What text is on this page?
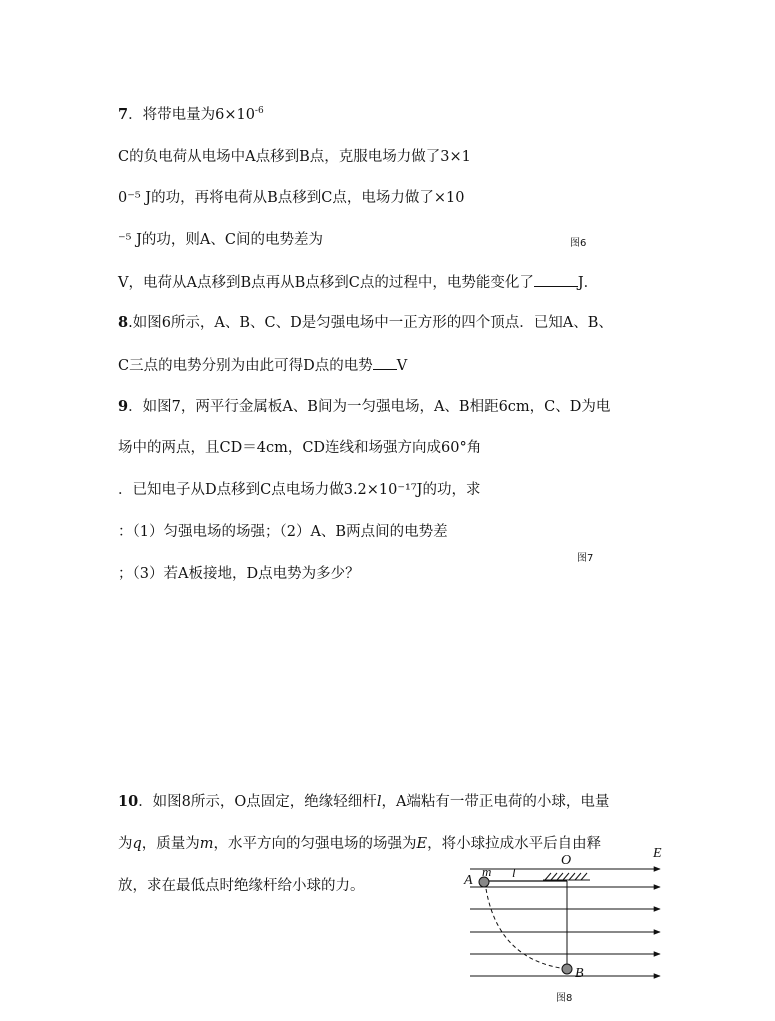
7．将带电量为$6\times 10^{-6}$
C的负电荷从电场中A点移到B点，克服电场力做了3×1
0⁻⁵ J的功，再将电荷从B点移到C点，电场力做了×10
⁻⁵ J的功，则A、C间的电势差为	图6
V，电荷从A点移到B点再从B点移到C点的过程中，电势能变化了	J．
8.如图6所示，A、B、C、D是匀强电场中一正方形的四个顶点．已知A、B、
C三点的电势分别为由此可得D点的电势 V
9．如图7，两平行金属板A、B间为一匀强电场，A、B相距6cm，C、D为电
场中的两点，且CD＝4cm，CD连线和场强方向成60°角
．已知电子从D点移到C点电场力做3.2×10⁻¹⁷J的功，求
：（1）匀强电场的场强；（2）A、B两点间的电势差
图7
；（3）若A板接地，D点电势为多少？
10．如图8所示，O点固定，绝缘轻细杆l，A端粘有一带正电荷的小球，电量
为q，质量为m，水平方向的匀强电场的场强为E，将小球拉成水平后自由释
放，求在最低点时绝缘杆给小球的力。
E
O
A
m l
B
图8
